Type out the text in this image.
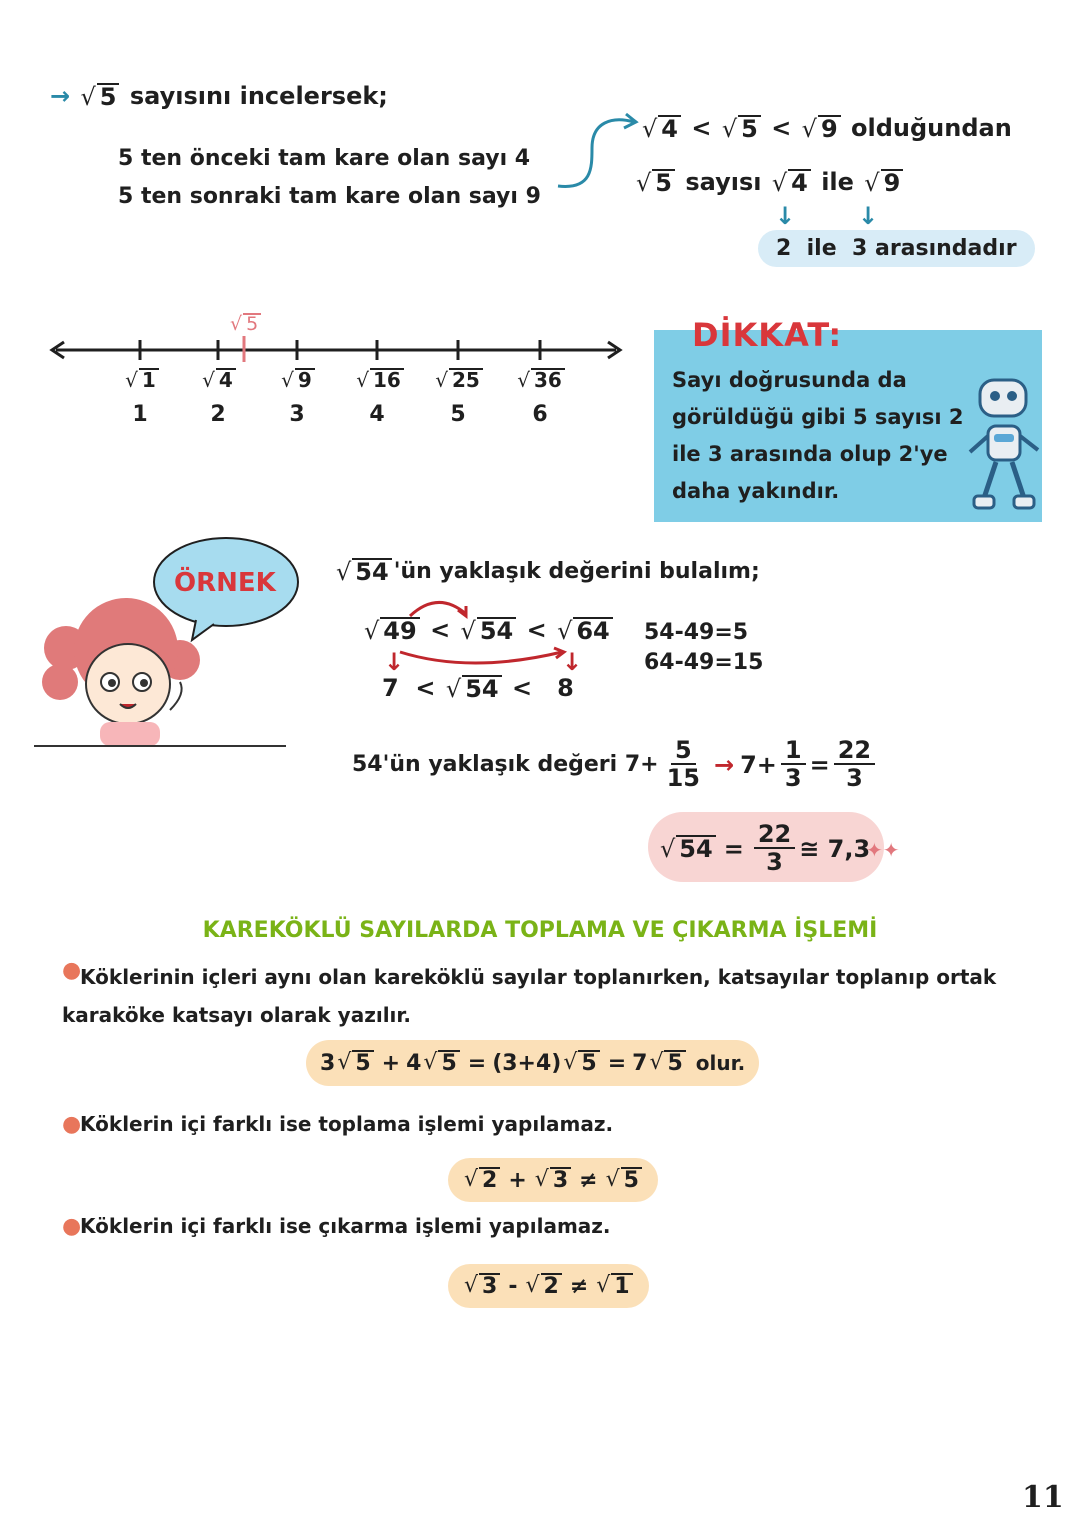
→ √ 5 sayısını incelersek;
5 ten önceki tam kare olan sayı 4
5 ten sonraki tam kare olan sayı 9
√ 4 < √ 5 < √ 9 olduğundan
√ 5 sayısı √ 4 ile √ 9
↓	↓
2 ile 3 arasındadır
√ 5
√ 1 √ 4 √ 9 √ 16 √ 25 √ 36
1	2	3	4	5	6
DİKKAT:
Sayı doğrusunda da görüldüğü gibi 5 sayısı 2 ile 3 arasında olup 2'ye daha yakındır.
ÖRNEK	√ 54 'ün yaklaşık değerini bulalım;
√ 49 < √ 54 < √ 64
↓	↓
7 < √ 54 < 8
54-49=5
64-49=15
54'ün yaklaşık değeri $7+ \frac{5}{15} \to 7+ \frac{1}{3} = \frac{22}{3}$
√ $54 = \frac{22}{3}$ ≅ 7,3
✦✦
KAREKÖKLÜ SAYILARDA TOPLAMA VE ÇIKARMA İŞLEMİ
●
Köklerinin içleri aynı olan kareköklü sayılar toplanırken, katsayılar toplanıp ortak karaköke katsayı olarak yazılır.
3 √ 5 + 4 √ 5 = (3+4) √ 5 = 7 √ 5 olur.
●
Köklerin içi farklı ise toplama işlemi yapılamaz.
√ 2 + √ 3 ≠ √ 5
●
Köklerin içi farklı ise çıkarma işlemi yapılamaz.
√ 3 - √ 2 ≠ √ 1
11
